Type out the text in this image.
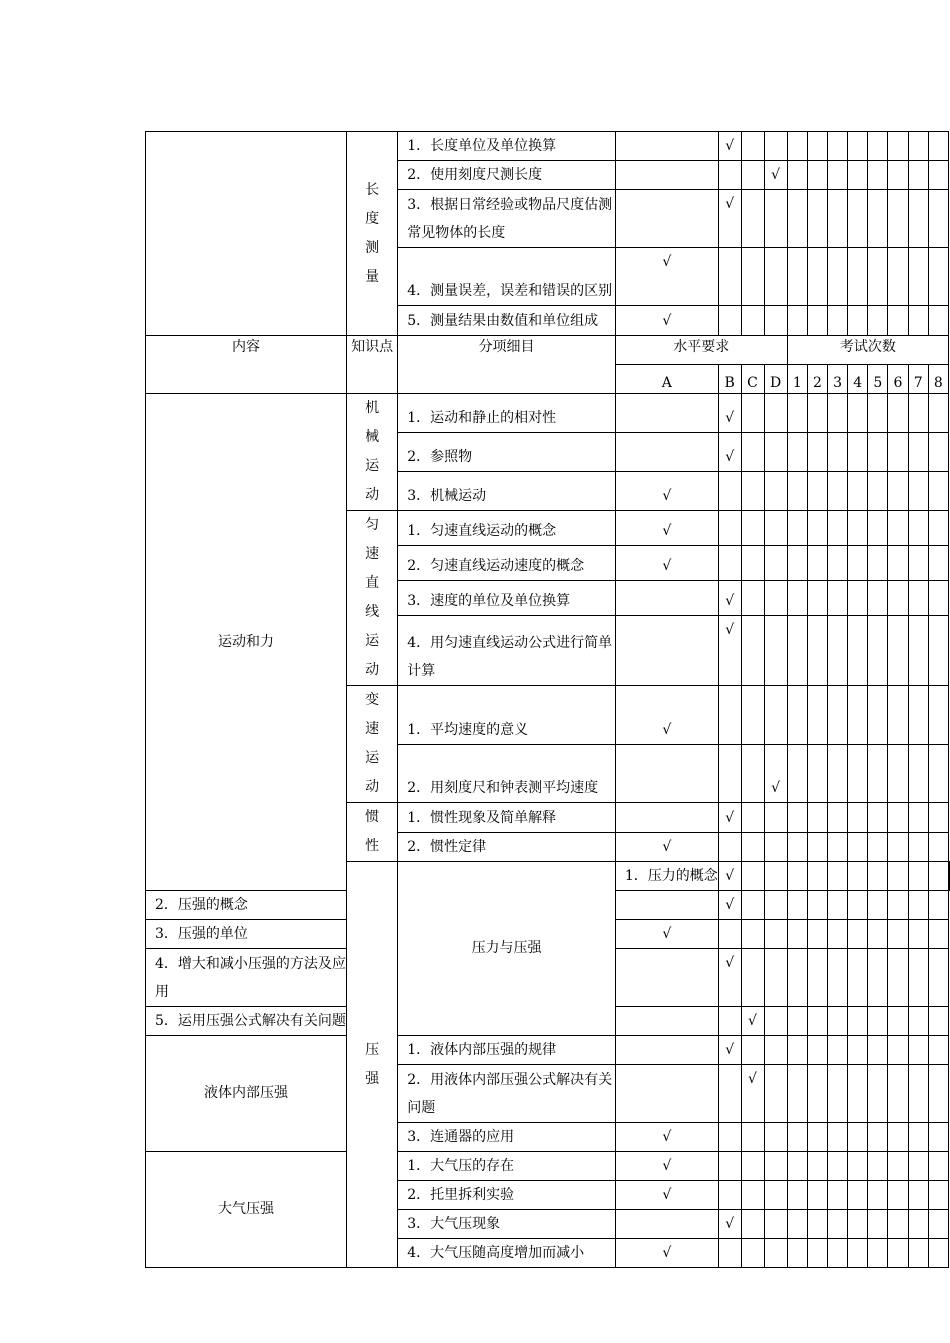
	长度测量	1．长度单位及单位换算		√											
		2．使用刻度尺测长度				√									
		3．根据日常经验或物品尺度估测常见物体的长度		√											
		4．测量误差，误差和错误的区别	√												
		5．测量结果由数值和单位组成	√												
内容	知识点	分项细目	水平要求				考试次数								
			A	B	C	D	1	2	3	4	5	6	7	8	
运动和力	机械运动	1．运动和静止的相对性		√											
		2．参照物		√											
		3．机械运动	√												
	匀速直线运动	1．匀速直线运动的概念	√												
		2．匀速直线运动速度的概念	√												
		3．速度的单位及单位换算		√											
		4．用匀速直线运动公式进行简单计算		√											
	变速运动	1．平均速度的意义	√												
		2．用刻度尺和钟表测平均速度				√									
	惯性	1．惯性现象及简单解释		√											
		2．惯性定律	√												
	压强	压力与压强	1．压力的概念	√											
2．压强的概念				√											
3．压强的单位			√												
4．增大和减小压强的方法及应用				√											
5．运用压强公式解决有关问题					√										
液体内部压强		1．液体内部压强的规律		√											
		2．用液体内部压强公式解决有关问题			√										
		3．连通器的应用	√												
大气压强		1．大气压的存在	√												
		2．托里拆利实验	√												
		3．大气压现象		√											
		4．大气压随高度增加而减小	√												
